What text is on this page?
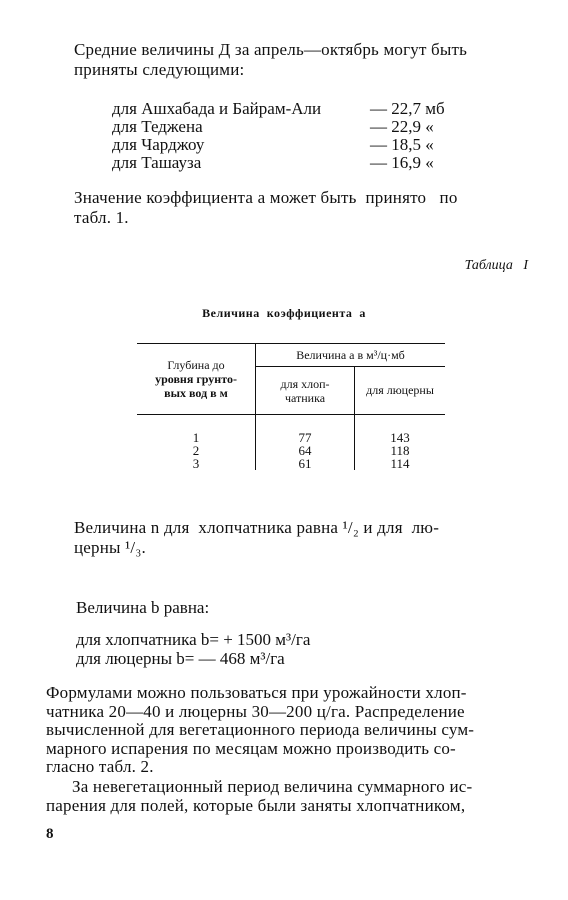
Средние величины Д за апрель—октябрь могут быть
приняты следующими:
для Ашхабада и Байрам-Али	— 22,7 мб
для Теджена	— 22,9 «
для Чарджоу	— 18,5 «
для Ташауза	— 16,9 «
Значение коэффициента a может быть  принято   по
табл. 1.
Таблица   I
Величина  коэффициента  a
Глубина до
уровня грунто-
вых вод в м	Величина a в м³/ц·мб	

	для хлоп-
чатника	для люцерны

1	77	143
2	64	118
3	61	114
Величина n для  хлопчатника равна ¹/₂ и для  лю-
церны ¹/₃.
Величина b равна:
для хлопчатника b= + 1500 м³/га
для люцерны b= — 468 м³/га
Формулами можно пользоваться при урожайности хлоп-
чатника 20—40 и люцерны 30—200 ц/га. Распределение
вычисленной для вегетационного периода величины сум-
марного испарения по месяцам можно производить со-
гласно табл. 2.
За невегетационный период величина суммарного ис-
парения для полей, которые были заняты хлопчатником,
8
